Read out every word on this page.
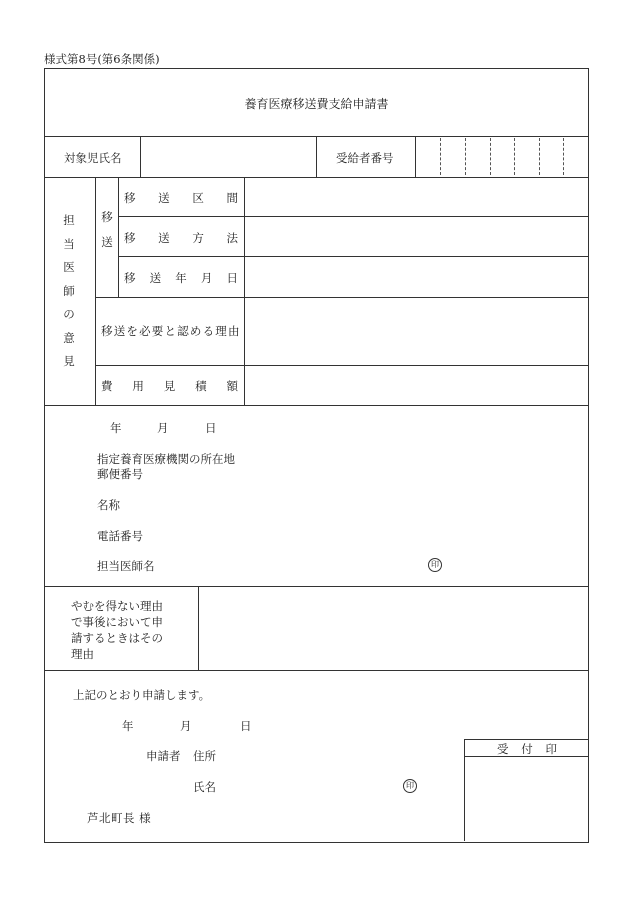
様式第8号(第6条関係)
養育医療移送費支給申請書
対象児氏名	受給者番号
担
当
医
師
の
意
見
移
送
移 送 区 間
移 送 方 法
移 送 年 月 日
移送を必要と認める理由
費 用 見 積 額
年	月	日
指定養育医療機関の所在地
郵便番号
名称
電話番号
担当医師名	印
やむを得ない理由
で事後において申
請するときはその
理由
上記のとおり申請します。
年	月	日
申請者 住所
氏名	印
芦北町長 様
受 付 印
